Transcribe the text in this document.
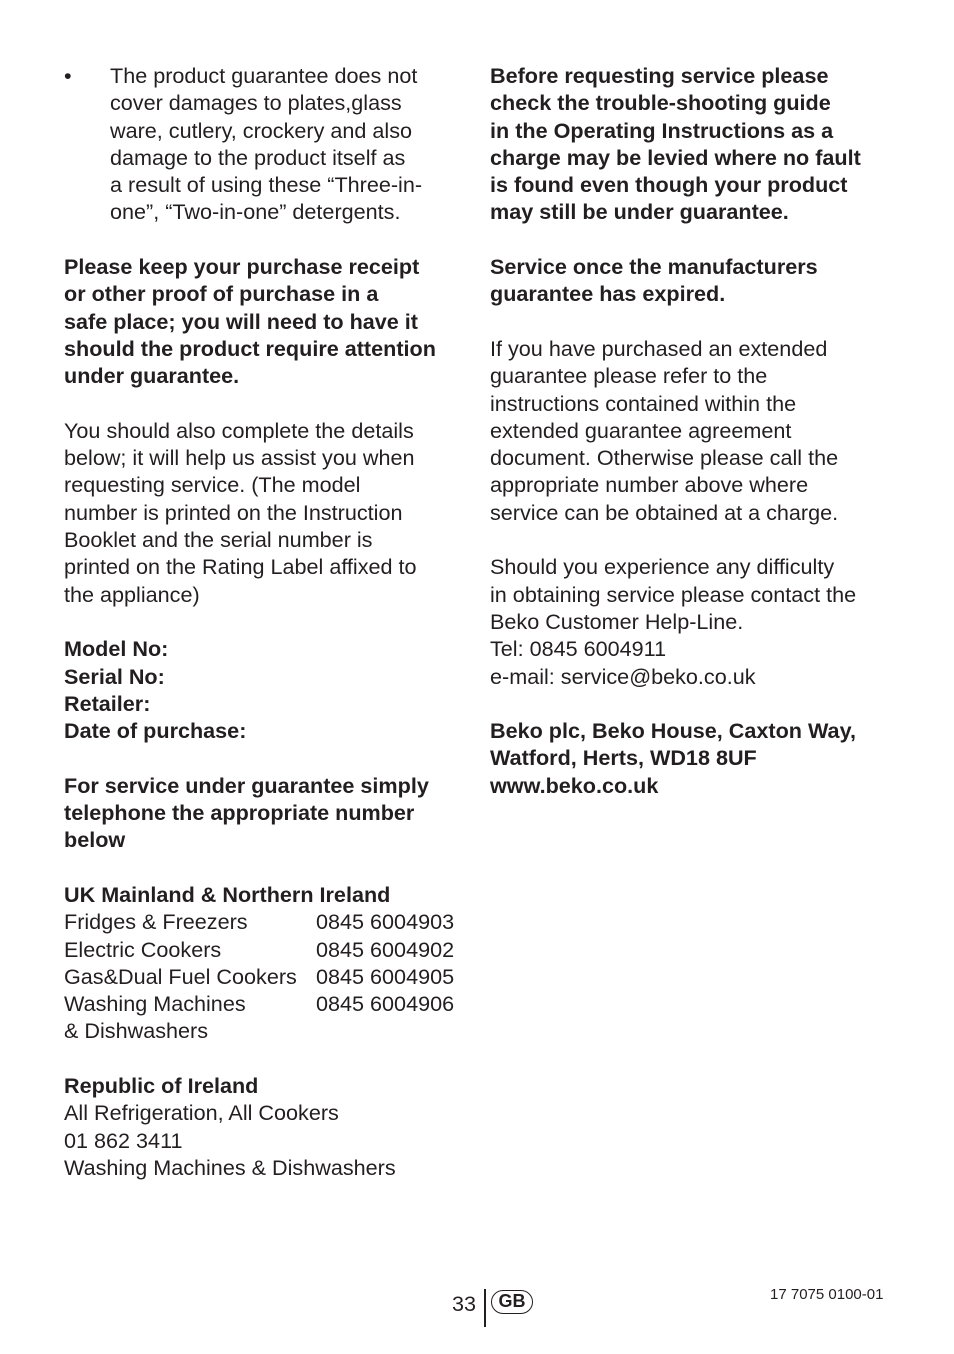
•	The product guarantee does not
cover damages to plates,glass
ware, cutlery, crockery and also
damage to the product itself as
a result of using these “Three-in-
one”, “Two-in-one” detergents.

Please keep your purchase receipt
or other proof of purchase in a
safe place; you will need to have it
should the product require attention
under guarantee.

You should also complete the details
below; it will help us assist you when
requesting service. (The model
number is printed on the Instruction
Booklet and the serial number is
printed on the Rating Label affixed to
the appliance)

Model No:
Serial No:
Retailer:
Date of purchase:

For service under guarantee simply
telephone the appropriate number
below

UK Mainland & Northern Ireland
Fridges & Freezers	0845 6004903
Electric Cookers	0845 6004902
Gas&Dual Fuel Cookers 0845 6004905
Washing Machines	0845 6004906
& Dishwashers

Republic of Ireland
All Refrigeration, All Cookers
01 862 3411
Washing Machines & Dishwashers

Before requesting service please
check the trouble-shooting guide
in the Operating Instructions as a
charge may be levied where no fault
is found even though your product
may still be under guarantee.

Service once the manufacturers
guarantee has expired.

If you have purchased an extended
guarantee please refer to the
instructions contained within the
extended guarantee agreement
document. Otherwise please call the
appropriate number above where
service can be obtained at a charge.

Should you experience any difficulty
in obtaining service please contact the
Beko Customer Help-Line.
Tel: 0845 6004911
e-mail: service@beko.co.uk

Beko plc, Beko House, Caxton Way,
Watford, Herts, WD18 8UF
www.beko.co.uk

33	GB	17 7075 0100-01
